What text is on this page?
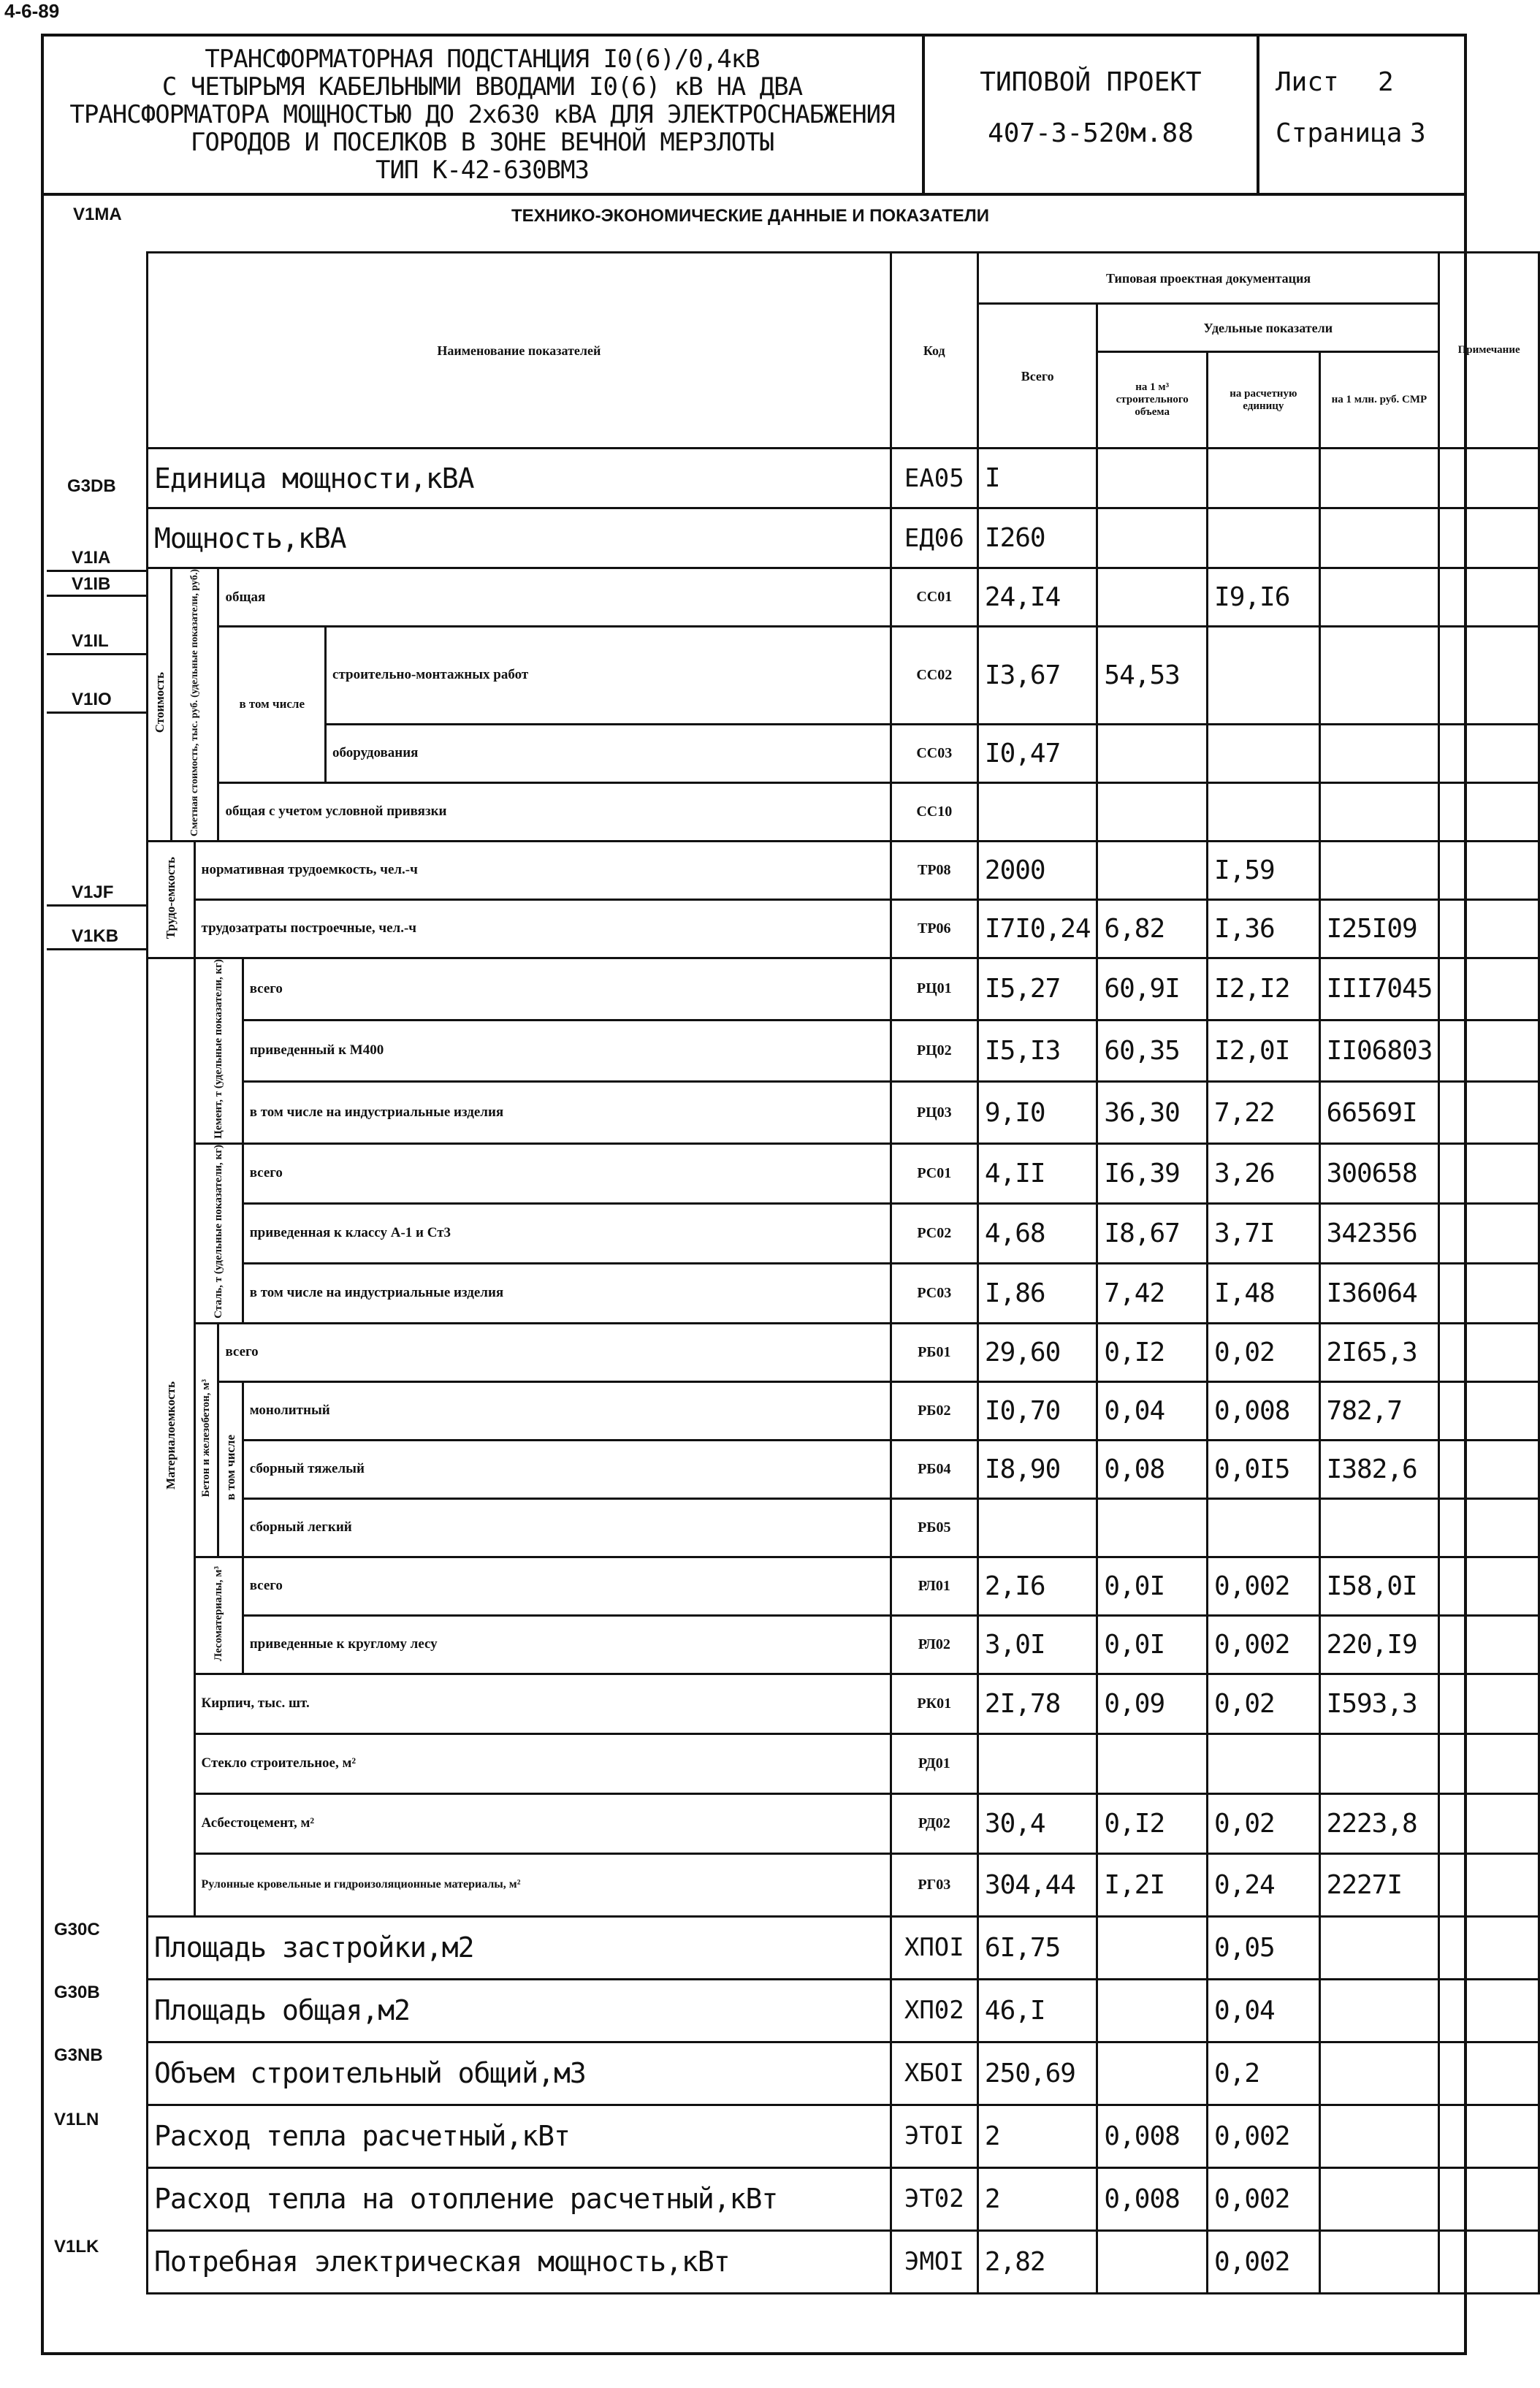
4-6-89
ТРАНСФОРМАТОРНАЯ ПОДСТАНЦИЯ I0(6)/0,4кВ
С ЧЕТЫРЬМЯ КАБЕЛЬНЫМИ ВВОДАМИ I0(6) кВ НА ДВА
ТРАНСФОРМАТОРА МОЩНОСТЬЮ ДО 2х630 кВА ДЛЯ ЭЛЕКТРОСНАБЖЕНИЯ
ГОРОДОВ И ПОСЕЛКОВ В ЗОНЕ ВЕЧНОЙ МЕРЗЛОТЫ
ТИП К-42-630ВМЗ
ТИПОВОЙ ПРОЕКТ
407-3-520м.88
Лист 2
Страница 3
ТЕХНИКО-ЭКОНОМИЧЕСКИЕ ДАННЫЕ И ПОКАЗАТЕЛИ
V1MA
G3DB
V1IA
V1IB
V1IL
V1IO
V1JF
V1KB
G30C
G30B
G3NB
V1LN
V1LK
Наименование показателей						Код	Типовая проектная документация				Примечание
							Всего	Удельные показатели			
								на 1 м³ строительного объема	на расчетную единицу	на 1 млн. руб. СМР	
Единица мощности,кВА						ЕА05	I				
Мощность,кВА						ЕД06	I260				
Стоимость	Сметная стоимость, тыс. руб. (удельные показатели, руб.)		общая			СС01	24,I4		I9,I6		
			в том числе		строительно-монтажных работ	СС02	I3,67	54,53			
					оборудования	СС03	I0,47				
			общая с учетом условной привязки			СС10					
Трудо-емкость		нормативная трудоемкость, чел.-ч				ТР08	2000		I,59		
		трудозатраты построечные, чел.-ч				ТР06	I7I0,24	6,82	I,36	I25I09	
Материалоемкость		Цемент, т (удельные показатели, кг)		всего		РЦ01	I5,27	60,9I	I2,I2	III7045	
				приведенный к М400		РЦ02	I5,I3	60,35	I2,0I	II06803	
				в том числе на индустриальные изделия		РЦ03	9,I0	36,30	7,22	66569I	
		Сталь, т (удельные показатели, кг)		всего		РС01	4,II	I6,39	3,26	300658	
				приведенная к классу А-1 и Ст3		РС02	4,68	I8,67	3,7I	342356	
				в том числе на индустриальные изделия		РС03	I,86	7,42	I,48	I36064	
		Бетон и железобетон, м³	всего			РБ01	29,60	0,I2	0,02	2I65,3	
			в том числе	монолитный		РБ02	I0,70	0,04	0,008	782,7	
				сборный тяжелый		РБ04	I8,90	0,08	0,0I5	I382,6	
				сборный легкий		РБ05					
		Лесоматериалы, м³		всего		РЛ01	2,I6	0,0I	0,002	I58,0I	
				приведенные к круглому лесу		РЛ02	3,0I	0,0I	0,002	220,I9	
		Кирпич, тыс. шт.				РК01	2I,78	0,09	0,02	I593,3	
		Стекло строительное, м²				РД01					
		Асбестоцемент, м²				РД02	30,4	0,I2	0,02	2223,8	
		Рулонные кровельные и гидроизоляционные материалы, м²				РГ03	304,44	I,2I	0,24	2227I	
Площадь застройки,м2						ХПОI	6I,75		0,05		
Площадь общая,м2						ХП02	46,I		0,04		
Объем строительный общий,м3						ХБОI	250,69		0,2		
Расход тепла расчетный,кВт						ЭТОI	2	0,008	0,002		
Расход тепла на отопление расчетный,кВт						ЭТ02	2	0,008	0,002		
Потребная электрическая мощность,кВт						ЭМОI	2,82		0,002		
